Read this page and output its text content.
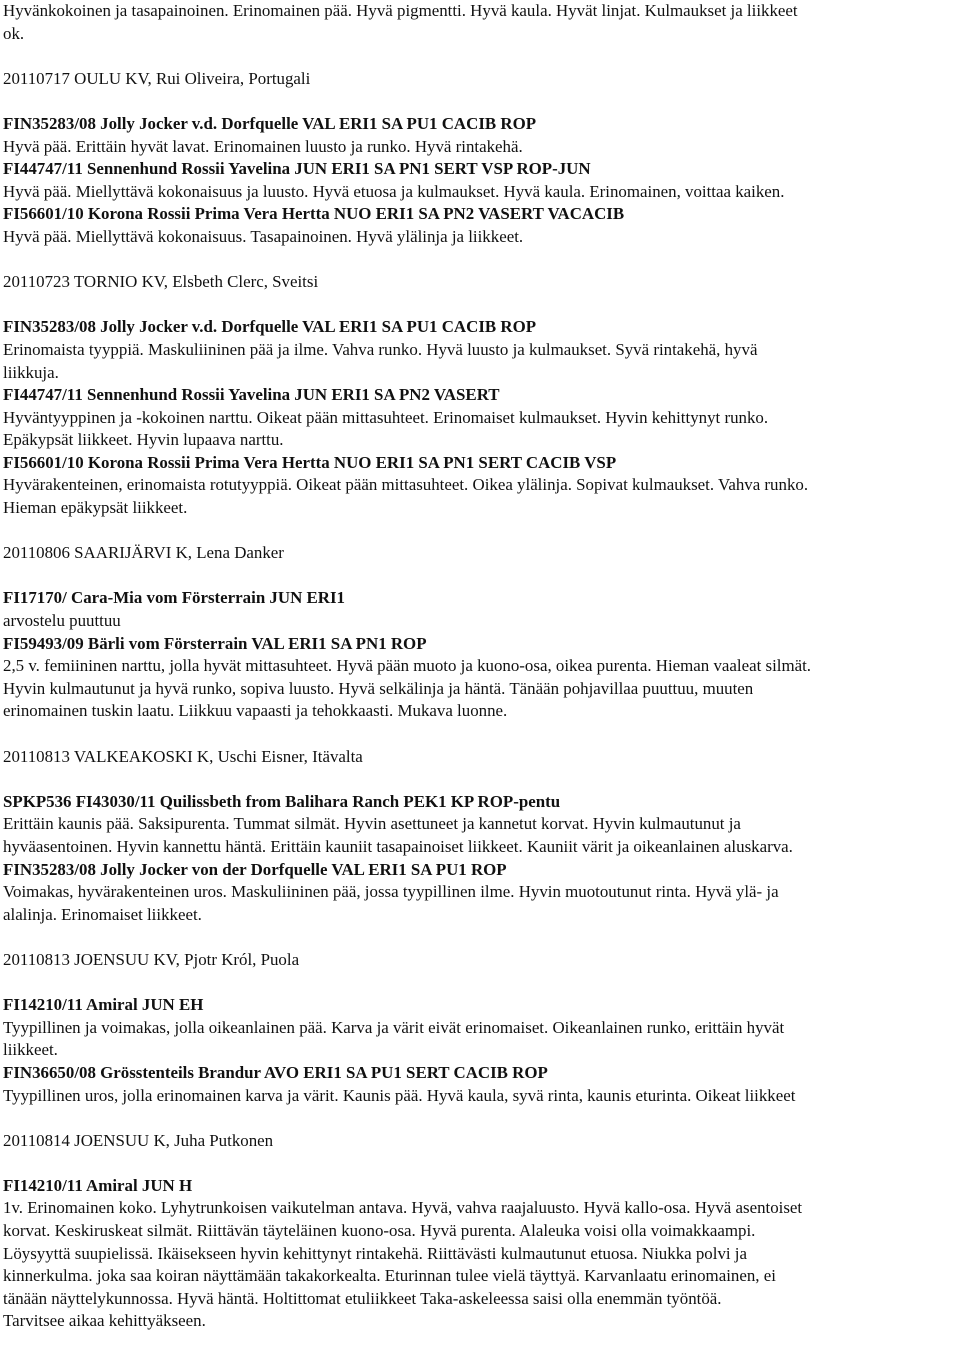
Hyvänkokoinen ja tasapainoinen. Erinomainen pää. Hyvä pigmentti. Hyvä kaula. Hyvät linjat. Kulmaukset ja liikkeet
ok.
20110717 OULU KV, Rui Oliveira, Portugali
FIN35283/08 Jolly Jocker v.d. Dorfquelle VAL ERI1 SA PU1 CACIB ROP
Hyvä pää. Erittäin hyvät lavat. Erinomainen luusto ja runko. Hyvä rintakehä.
FI44747/11 Sennenhund Rossii Yavelina JUN ERI1 SA PN1 SERT VSP ROP-JUN
Hyvä pää. Miellyttävä kokonaisuus ja luusto. Hyvä etuosa ja kulmaukset. Hyvä kaula. Erinomainen, voittaa kaiken.
FI56601/10 Korona Rossii Prima Vera Hertta NUO ERI1 SA PN2 VASERT VACACIB
Hyvä pää. Miellyttävä kokonaisuus. Tasapainoinen. Hyvä ylälinja ja liikkeet.
20110723 TORNIO KV, Elsbeth Clerc, Sveitsi
FIN35283/08 Jolly Jocker v.d. Dorfquelle VAL ERI1 SA PU1 CACIB ROP
Erinomaista tyyppiä. Maskuliininen pää ja ilme. Vahva runko. Hyvä luusto ja kulmaukset. Syvä rintakehä, hyvä
liikkuja.
FI44747/11 Sennenhund Rossii Yavelina JUN ERI1 SA PN2 VASERT
Hyväntyyppinen ja -kokoinen narttu. Oikeat pään mittasuhteet. Erinomaiset kulmaukset. Hyvin kehittynyt runko.
Epäkypsät liikkeet. Hyvin lupaava narttu.
FI56601/10 Korona Rossii Prima Vera Hertta NUO ERI1 SA PN1 SERT CACIB VSP
Hyvärakenteinen, erinomaista rotutyyppiä. Oikeat pään mittasuhteet. Oikea ylälinja. Sopivat kulmaukset. Vahva runko.
Hieman epäkypsät liikkeet.
20110806 SAARIJÄRVI K, Lena Danker
FI17170/ Cara-Mia vom Försterrain JUN ERI1
arvostelu puuttuu
FI59493/09 Bärli vom Försterrain VAL ERI1 SA PN1 ROP
2,5 v. femiininen narttu, jolla hyvät mittasuhteet. Hyvä pään muoto ja kuono-osa, oikea purenta. Hieman vaaleat silmät.
Hyvin kulmautunut ja hyvä runko, sopiva luusto. Hyvä selkälinja ja häntä. Tänään pohjavillaa puuttuu, muuten
erinomainen tuskin laatu. Liikkuu vapaasti ja tehokkaasti. Mukava luonne.
20110813 VALKEAKOSKI K, Uschi Eisner, Itävalta
SPKP536 FI43030/11 Quilissbeth from Balihara Ranch PEK1 KP ROP-pentu
Erittäin kaunis pää. Saksipurenta. Tummat silmät. Hyvin asettuneet ja kannetut korvat. Hyvin kulmautunut ja
hyväasentoinen. Hyvin kannettu häntä. Erittäin kauniit tasapainoiset liikkeet. Kauniit värit ja oikeanlainen aluskarva.
FIN35283/08 Jolly Jocker von der Dorfquelle VAL ERI1 SA PU1 ROP
Voimakas, hyvärakenteinen uros. Maskuliininen pää, jossa tyypillinen ilme. Hyvin muotoutunut rinta. Hyvä ylä- ja
alalinja. Erinomaiset liikkeet.
20110813 JOENSUU KV, Pjotr Król, Puola
FI14210/11 Amiral JUN EH
Tyypillinen ja voimakas, jolla oikeanlainen pää. Karva ja värit eivät erinomaiset. Oikeanlainen runko, erittäin hyvät
liikkeet.
FIN36650/08 Grösstenteils Brandur AVO ERI1 SA PU1 SERT CACIB ROP
Tyypillinen uros, jolla erinomainen karva ja värit. Kaunis pää. Hyvä kaula, syvä rinta, kaunis eturinta. Oikeat liikkeet
20110814 JOENSUU K, Juha Putkonen
FI14210/11 Amiral JUN H
1v. Erinomainen koko. Lyhytrunkoisen vaikutelman antava. Hyvä, vahva raajaluusto. Hyvä kallo-osa. Hyvä asentoiset
korvat. Keskiruskeat silmät. Riittävän täyteläinen kuono-osa. Hyvä purenta. Alaleuka voisi olla voimakkaampi.
Löysyyttä suupielissä. Ikäisekseen hyvin kehittynyt rintakehä. Riittävästi kulmautunut etuosa. Niukka polvi ja
kinnerkulma. joka saa koiran näyttämään takakorkealta. Eturinnan tulee vielä täyttyä. Karvanlaatu erinomainen, ei
tänään näyttelykunnossa. Hyvä häntä. Holtittomat etuliikkeet Taka-askeleessa saisi olla enemmän työntöä.
Tarvitsee aikaa kehittyäkseen.
